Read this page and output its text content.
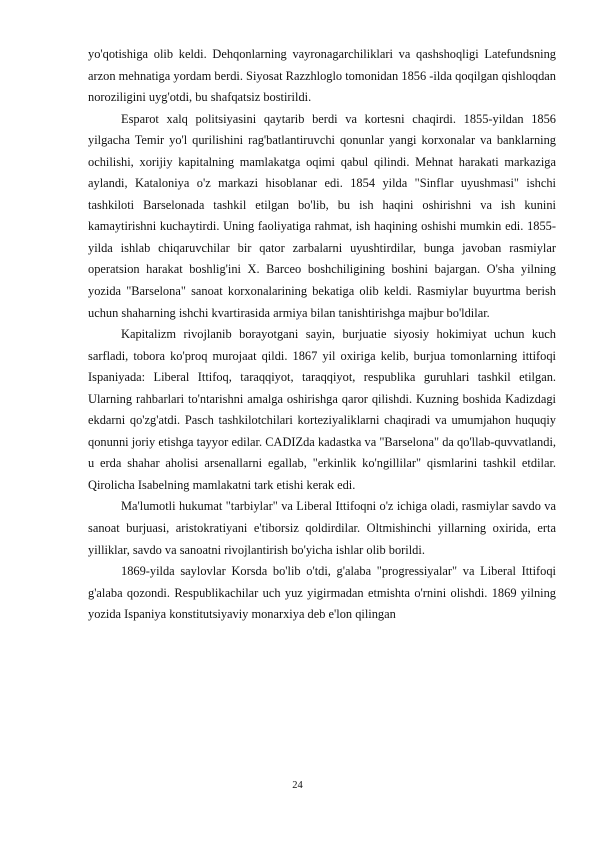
yo'qotishiga olib keldi. Dehqonlarning vayronagarchiliklari va qashshoqligi Latefundsning arzon mehnatiga yordam berdi. Siyosat Razzhloglo tomonidan 1856 -ilda qoqilgan qishloqdan noroziligini uyg'otdi, bu shafqatsiz bostirildi.

Esparot xalq politsiyasini qaytarib berdi va kortesni chaqirdi. 1855-yildan 1856 yilgacha Temir yo'l qurilishini rag'batlantiruvchi qonunlar yangi korxonalar va banklarning ochilishi, xorijiy kapitalning mamlakatga oqimi qabul qilindi. Mehnat harakati markaziga aylandi, Kataloniya o'z markazi hisoblanar edi. 1854 yilda "Sinflar uyushmasi" ishchi tashkiloti Barselonada tashkil etilgan bo'lib, bu ish haqini oshirishni va ish kunini kamaytirishni kuchaytirdi. Uning faoliyatiga rahmat, ish haqining oshishi mumkin edi. 1855-yilda ishlab chiqaruvchilar bir qator zarbalarni uyushtirdilar, bunga javoban rasmiylar operatsion harakat boshlig'ini X. Barceo boshchiligining boshini bajargan. O'sha yilning yozida "Barselona" sanoat korxonalarining bekatiga olib keldi. Rasmiylar buyurtma berish uchun shaharning ishchi kvartirasida armiya bilan tanishtirishga majbur bo'ldilar.

Kapitalizm rivojlanib borayotgani sayin, burjuatie siyosiy hokimiyat uchun kuch sarfladi, tobora ko'proq murojaat qildi. 1867 yil oxiriga kelib, burjua tomonlarning ittifoqi Ispaniyada: Liberal Ittifoq, taraqqiyot, taraqqiyot, respublika guruhlari tashkil etilgan. Ularning rahbarlari to'ntarishni amalga oshirishga qaror qilishdi. Kuzning boshida Kadizdagi ekdarni qo'zg'atdi. Pasch tashkilotchilari korteziyaliklarni chaqiradi va umumjahon huquqiy qonunni joriy etishga tayyor edilar. CADIZda kadastka va "Barselona" da qo'llab-quvvatlandi, u erda shahar aholisi arsenallarni egallab, "erkinlik ko'ngillilar" qismlarini tashkil etdilar. Qirolicha Isabelning mamlakatni tark etishi kerak edi.

Ma'lumotli hukumat "tarbiylar" va Liberal Ittifoqni o'z ichiga oladi, rasmiylar savdo va sanoat burjuasi, aristokratiyani e'tiborsiz qoldirdilar. Oltmishinchi yillarning oxirida, erta yilliklar, savdo va sanoatni rivojlantirish bo'yicha ishlar olib borildi.

1869-yilda saylovlar Korsda bo'lib o'tdi, g'alaba "progressiyalar" va Liberal Ittifoqi g'alaba qozondi. Respublikachilar uch yuz yigirmadan etmishta o'rnini olishdi. 1869 yilning yozida Ispaniya konstitutsiyaviy monarxiya deb e'lon qilingan

24
